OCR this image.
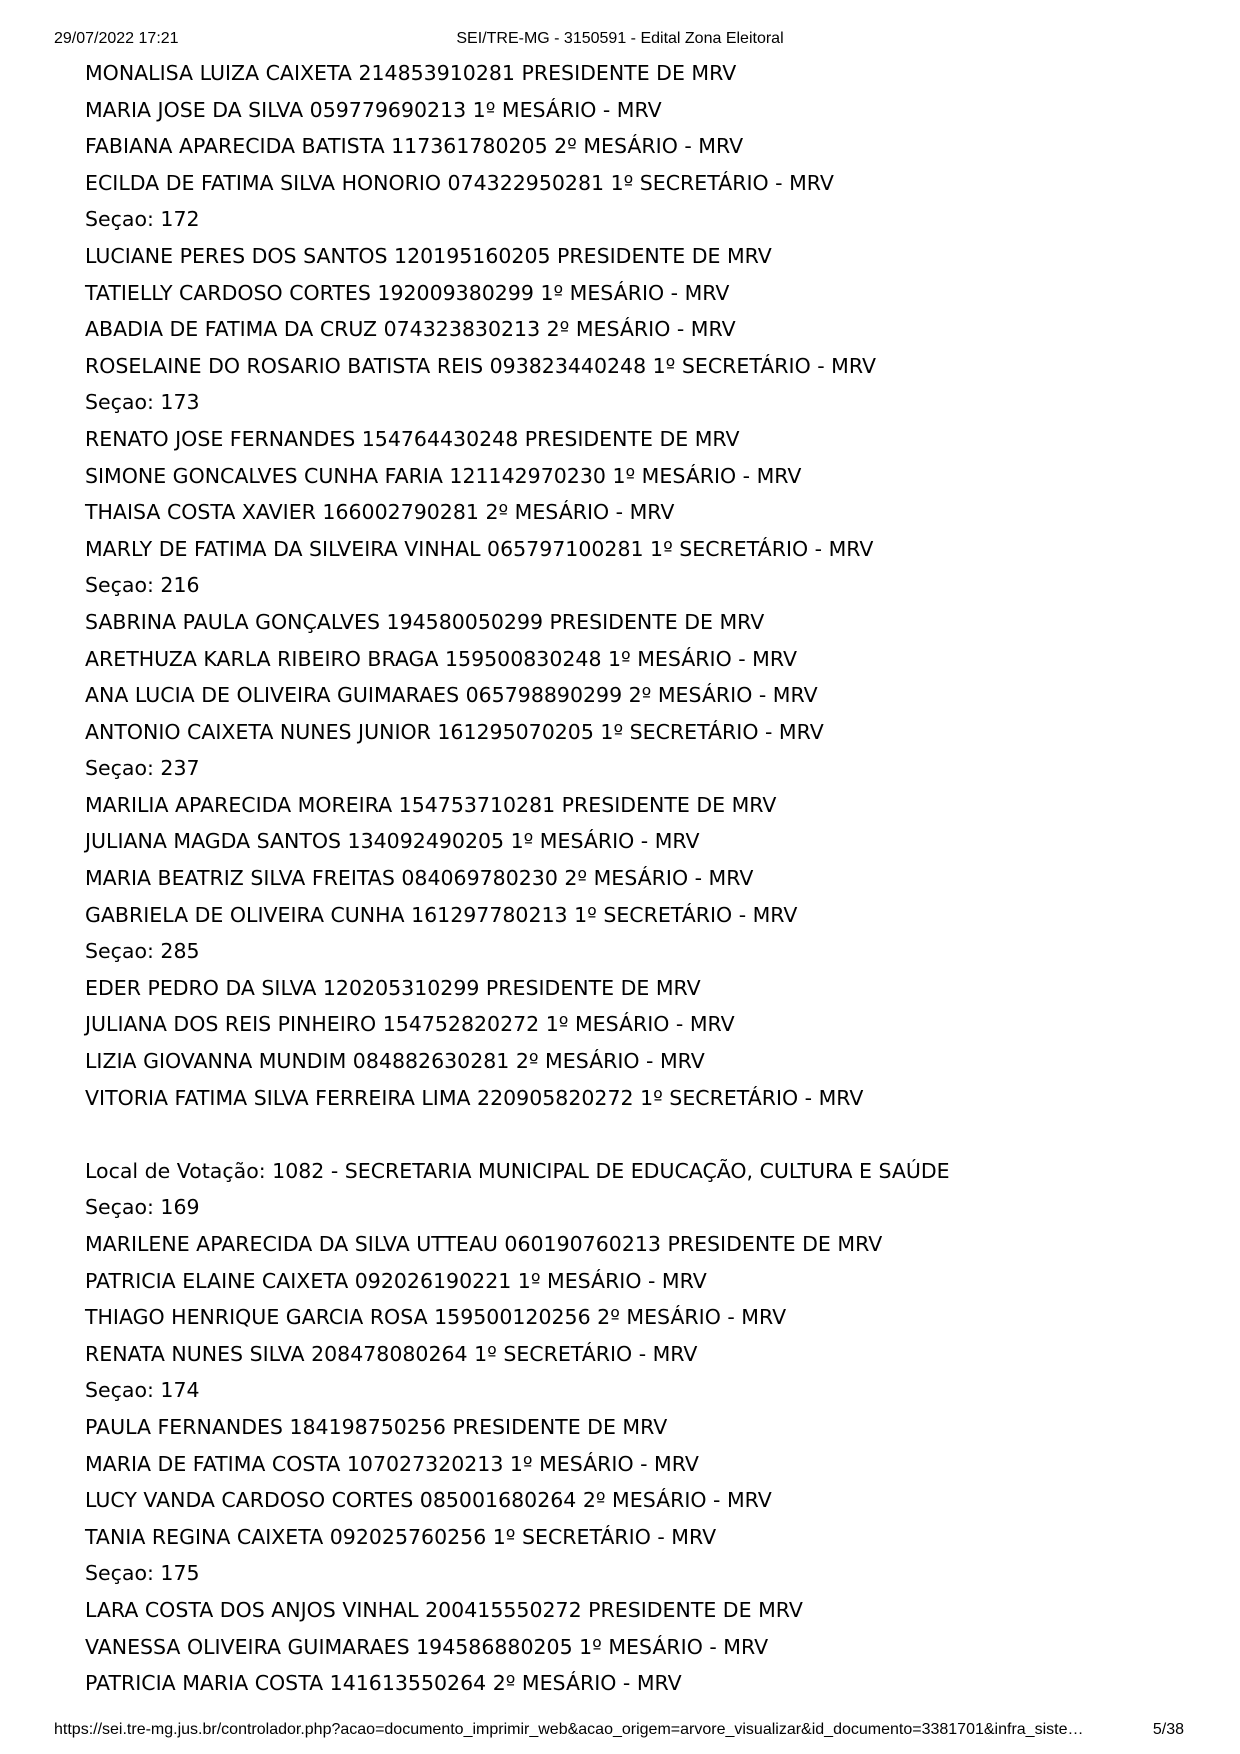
29/07/2022 17:21	SEI/TRE-MG - 3150591 - Edital Zona Eleitoral
MONALISA LUIZA CAIXETA 214853910281 PRESIDENTE DE MRV
MARIA JOSE DA SILVA 059779690213 1º MESÁRIO - MRV
FABIANA APARECIDA BATISTA 117361780205 2º MESÁRIO - MRV
ECILDA DE FATIMA SILVA HONORIO 074322950281 1º SECRETÁRIO - MRV
Seçao: 172
LUCIANE PERES DOS SANTOS 120195160205 PRESIDENTE DE MRV
TATIELLY CARDOSO CORTES 192009380299 1º MESÁRIO - MRV
ABADIA DE FATIMA DA CRUZ 074323830213 2º MESÁRIO - MRV
ROSELAINE DO ROSARIO BATISTA REIS 093823440248 1º SECRETÁRIO - MRV
Seçao: 173
RENATO JOSE FERNANDES 154764430248 PRESIDENTE DE MRV
SIMONE GONCALVES CUNHA FARIA 121142970230 1º MESÁRIO - MRV
THAISA COSTA XAVIER 166002790281 2º MESÁRIO - MRV
MARLY DE FATIMA DA SILVEIRA VINHAL 065797100281 1º SECRETÁRIO - MRV
Seçao: 216
SABRINA PAULA GONÇALVES 194580050299 PRESIDENTE DE MRV
ARETHUZA KARLA RIBEIRO BRAGA 159500830248 1º MESÁRIO - MRV
ANA LUCIA DE OLIVEIRA GUIMARAES 065798890299 2º MESÁRIO - MRV
ANTONIO CAIXETA NUNES JUNIOR 161295070205 1º SECRETÁRIO - MRV
Seçao: 237
MARILIA APARECIDA MOREIRA 154753710281 PRESIDENTE DE MRV
JULIANA MAGDA SANTOS 134092490205 1º MESÁRIO - MRV
MARIA BEATRIZ SILVA FREITAS 084069780230 2º MESÁRIO - MRV
GABRIELA DE OLIVEIRA CUNHA 161297780213 1º SECRETÁRIO - MRV
Seçao: 285
EDER PEDRO DA SILVA 120205310299 PRESIDENTE DE MRV
JULIANA DOS REIS PINHEIRO 154752820272 1º MESÁRIO - MRV
LIZIA GIOVANNA MUNDIM 084882630281 2º MESÁRIO - MRV
VITORIA FATIMA SILVA FERREIRA LIMA 220905820272 1º SECRETÁRIO - MRV
Local de Votação: 1082 - SECRETARIA MUNICIPAL DE EDUCAÇÃO, CULTURA E SAÚDE
Seçao: 169
MARILENE APARECIDA DA SILVA UTTEAU 060190760213 PRESIDENTE DE MRV
PATRICIA ELAINE CAIXETA 092026190221 1º MESÁRIO - MRV
THIAGO HENRIQUE GARCIA ROSA 159500120256 2º MESÁRIO - MRV
RENATA NUNES SILVA 208478080264 1º SECRETÁRIO - MRV
Seçao: 174
PAULA FERNANDES 184198750256 PRESIDENTE DE MRV
MARIA DE FATIMA COSTA 107027320213 1º MESÁRIO - MRV
LUCY VANDA CARDOSO CORTES 085001680264 2º MESÁRIO - MRV
TANIA REGINA CAIXETA 092025760256 1º SECRETÁRIO - MRV
Seçao: 175
LARA COSTA DOS ANJOS VINHAL 200415550272 PRESIDENTE DE MRV
VANESSA OLIVEIRA GUIMARAES 194586880205 1º MESÁRIO - MRV
PATRICIA MARIA COSTA 141613550264 2º MESÁRIO - MRV
https://sei.tre-mg.jus.br/controlador.php?acao=documento_imprimir_web&acao_origem=arvore_visualizar&id_documento=3381701&infra_siste…	5/38
